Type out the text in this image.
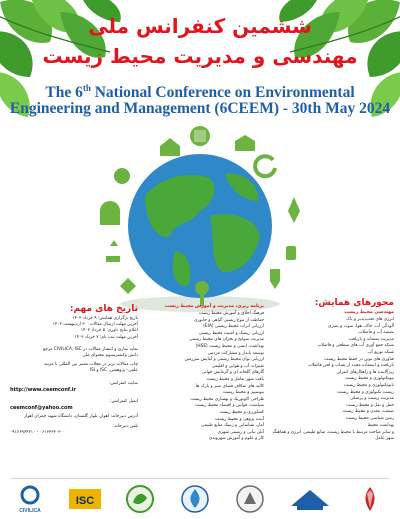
ششمین کنفرانس ملی
مهندسی و مدیریت محیط زیست
The 6th National Conference on Environmental
Engineering and Management (6CEEM) - 30th May 2024
تاریخ های مهم:
تاریخ برگزاری همایش: ۹ خرداد ۱۴۰۳
آخرین مهلت ارسال مقالات: ۳۰ اردیبهشت ۱۴۰۳
اعلام نتایج داوری: ۵ خرداد ۱۴۰۳
آخرین مهلت ثبت نام: ۷ خرداد ۱۴۰۳
نمایه سازی و انتشار مقالات در CIVILICA, ISC مرجع
دانش وکنسرسیوم محتوای ملی
چاپ مقالات برتر در مجلات معتبر بین المللی با مرتبه
علمی- پژوهشی، ISC و ISI
سایت کنفرانس:
http://www.ceemconf.ir
ایمیل کنفرانس:
ceemconf@yahoo.com
آدرس دبیرخانه: اهواز، بلوار گلستان، دانشگاه شهید چمران اهواز
تلفن دبیرخانه:
۰۹۱۶۶۹۶۴۲۱۰ - ۰۶۱۳۳۳۳۰۳۰۰
برنامه ریزی، مدیریت و آموزش محیط زیست
فرهنگ اخلاق و آموزش محیط زیست
حفاظت از تنوع زیستی گیاهی و جانوری
ارزیابی اثرات محیط زیستی (EIA)
ارزیابی ریسک و امنیت محیط زیستی
مدیریت سوانح و بحران های محیط زیستی
بهداشت، ایمنی و محیط زیست (HSE)
توسعه پایدار و مشارکت مردمی
ارزیابی توان محیط زیستی و آمایش سرزمین
تغییرات آب و هوایی و اقلیمی
گازهای گلخانه ای و گرمایش جهانی
یافت شهر تعامل و محیط زیست
کالبد های شکاف فضای سبز و پارک ها
بیوسپیر و محیط زیست
طراحی اکوتوریک و بهسازی محیط زیست
سیاست، قوانین و اقتصاد محیط زیست
کشاورزی و محیط زیست
آینده پژوهی و محیط زیست
آمار، شناسایی و ژنتیک منابع طبیعی
آنلن نتانی و زیستی شهری
کار و علوم و آموزش شهروندی
محورهای همایش:
مهندسی محیط زیست
انرژی های تجدیدپذیر و پاک
آلودگی آب، خاک، هوا، صوت و بصری
تصفیه آب و فاضلاب
مدیریت پسماند و بازیافت
شبکه جمع آوری آب های سطحی و فاضلاب
شبکه توزیع آب
فناوری های نوین در حفظ محیط زیست
بازیافت و استفاده مجدد از پساب و لجن فاضلاب
ریزآلاینده ها و راهکارهای کنترلی
بیوتکنولوژی و محیط زیست
نانوتکنولوژی و محیط زیست
زیست تکنولوژی و محیط زیست
مدیریت زیست و پزشکی
حمل و نقل و محیط زیست
صنعت، معدن و محیط زیست
زمین شناسی محیط زیست
بهداشت محیط
و سایر مباحث مرتبط با محیط زیست، منابع طبیعی، انرژی و هماهنگ شهر عامل
CIVILICA
ISC
